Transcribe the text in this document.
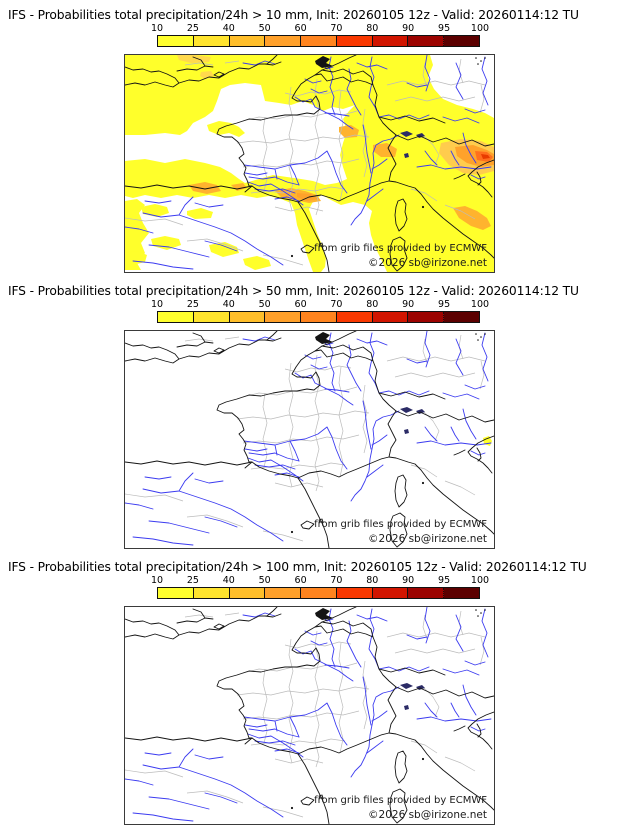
IFS - Probabilities total precipitation/24h > 10 mm, Init: 20260105 12z - Valid: 20260114:12 TU
10	25	40	50	60 70	80	90	95 100
from grib files provided by ECMWF
©2026 sb@irizone.net
IFS - Probabilities total precipitation/24h > 50 mm, Init: 20260105 12z - Valid: 20260114:12 TU
10	25	40	50	60 70	80	90	95 100
from grib files provided by ECMWF
©2026 sb@irizone.net
IFS - Probabilities total precipitation/24h > 100 mm, Init: 20260105 12z - Valid: 20260114:12 TU
10	25	40	50	60 70	80	90	95 100
from grib files provided by ECMWF
©2026 sb@irizone.net
